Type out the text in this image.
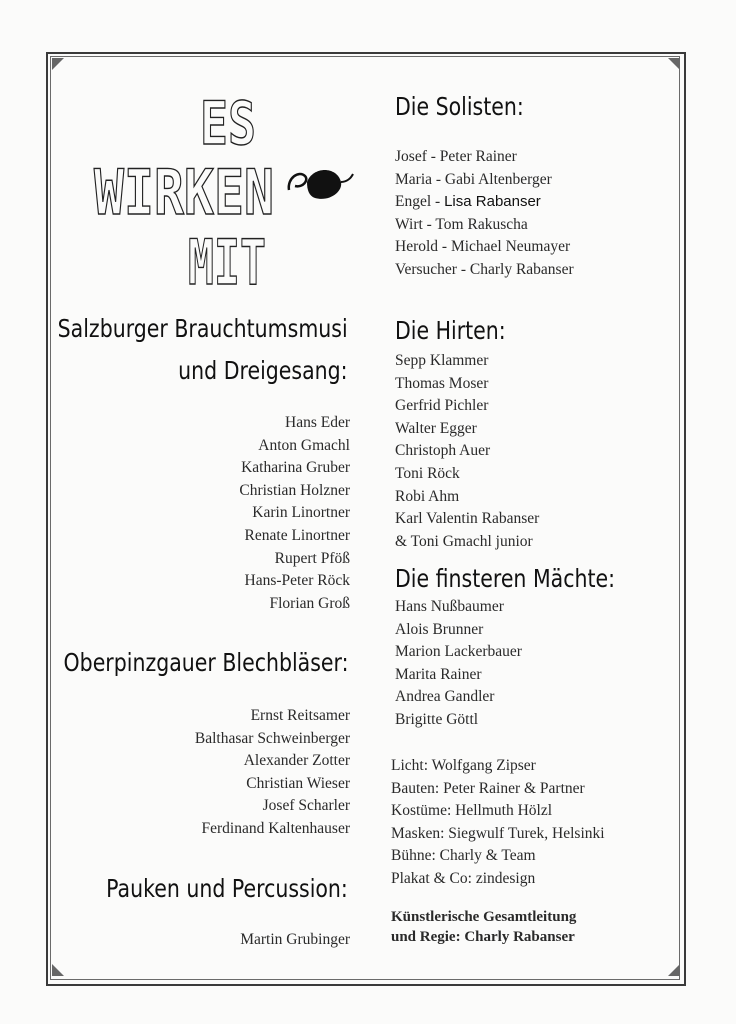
ES
WIRKEN
MIT
Salzburger Brauchtumsmusi
und Dreigesang:
Hans Eder
Anton Gmachl
Katharina Gruber
Christian Holzner
Karin Linortner
Renate Linortner
Rupert Pföß
Hans-Peter Röck
Florian Groß
Oberpinzgauer Blechbläser:
Ernst Reitsamer
Balthasar Schweinberger
Alexander Zotter
Christian Wieser
Josef Scharler
Ferdinand Kaltenhauser
Pauken und Percussion:
Martin Grubinger
Die Solisten:
Josef - Peter Rainer
Maria - Gabi Altenberger
Engel - Lisa Rabanser
Wirt - Tom Rakuscha
Herold - Michael Neumayer
Versucher - Charly Rabanser
Die Hirten:
Sepp Klammer
Thomas Moser
Gerfrid Pichler
Walter Egger
Christoph Auer
Toni Röck
Robi Ahm
Karl Valentin Rabanser
& Toni Gmachl junior
Die finsteren Mächte:
Hans Nußbaumer
Alois Brunner
Marion Lackerbauer
Marita Rainer
Andrea Gandler
Brigitte Göttl
Licht: Wolfgang Zipser
Bauten: Peter Rainer & Partner
Kostüme: Hellmuth Hölzl
Masken: Siegwulf Turek, Helsinki
Bühne: Charly & Team
Plakat & Co: zindesign
Künstlerische Gesamtleitung
und Regie: Charly Rabanser
